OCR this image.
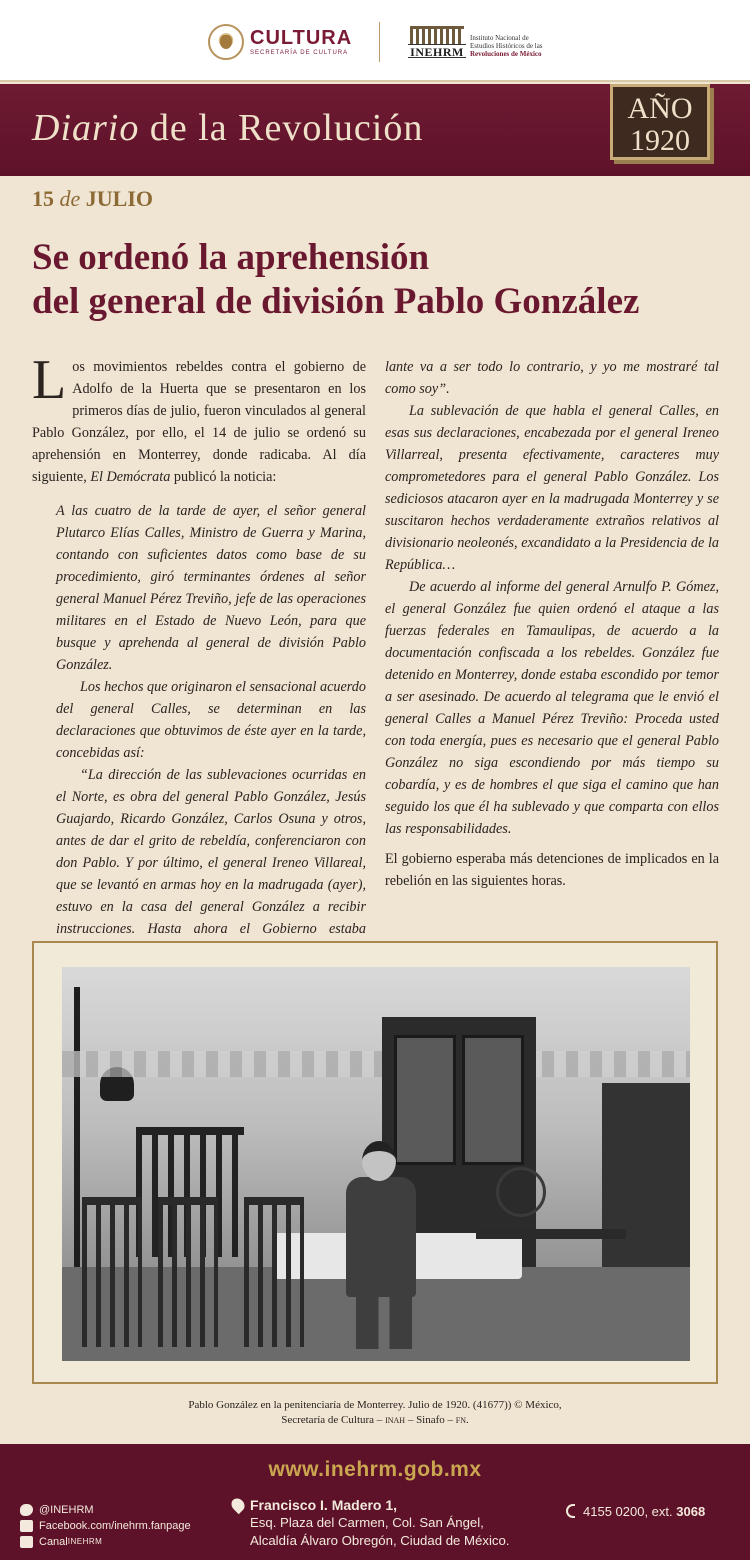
CULTURA
SECRETARÍA DE CULTURA	INEHRM
Instituto Nacional de
Estudios Históricos de las
Revoluciones de México
Diario de la Revolución	AÑO
1920
15 de JULIO
Se ordenó la aprehensión
del general de división Pablo González

Los movimientos rebeldes contra el gobierno de Adolfo de la Huerta que se presentaron en los primeros días de julio, fueron vinculados al general Pablo González, por ello, el 14 de julio se ordenó su aprehensión en Monterrey, donde radicaba. Al día siguiente, El Demócrata publicó la noticia:

A las cuatro de la tarde de ayer, el señor general Plutarco Elías Calles, Ministro de Guerra y Marina, contando con suficientes datos como base de su procedimiento, giró terminantes órdenes al señor general Manuel Pérez Treviño, jefe de las operaciones militares en el Estado de Nuevo León, para que busque y aprehenda al general de división Pablo González.

Los hechos que originaron el sensacional acuerdo del general Calles, se determinan en las declaraciones que obtuvimos de éste ayer en la tarde, concebidas así:

“La dirección de las sublevaciones ocurridas en el Norte, es obra del general Pablo González, Jesús Guajardo, Ricardo González, Carlos Osuna y otros, antes de dar el grito de rebeldía, conferenciaron con don Pablo. Y por último, el general Ireneo Villareal, que se levantó en armas hoy en la madrugada (ayer), estuvo en la casa del general González a recibir instrucciones. Hasta ahora el Gobierno estaba

lante va a ser todo lo contrario, y yo me mostraré tal como soy”.

La sublevación de que habla el general Calles, en esas sus declaraciones, encabezada por el general Ireneo Villarreal, presenta efectivamente, caracteres muy comprometedores para el general Pablo González. Los sediciosos atacaron ayer en la madrugada Monterrey y se suscitaron hechos verdaderamente extraños relativos al divisionario neoleonés, excandidato a la Presidencia de la República…

De acuerdo al informe del general Arnulfo P. Gómez, el general González fue quien ordenó el ataque a las fuerzas federales en Tamaulipas, de acuerdo a la documentación confiscada a los rebeldes. González fue detenido en Monterrey, donde estaba escondido por temor a ser asesinado. De acuerdo al telegrama que le envió el general Calles a Manuel Pérez Treviño: Proceda usted con toda energía, pues es necesario que el general Pablo González no siga escondiendo por más tiempo su cobardía, y es de hombres el que siga el camino que han seguido los que él ha sublevado y que comparta con ellos las responsabilidades.

El gobierno esperaba más detenciones de implicados en la rebelión en las siguientes horas.

Pablo González en la penitenciaría de Monterrey. Julio de 1920. (41677)) © México,
Secretaría de Cultura – inah – Sinafo – fn.
www.inehrm.gob.mx
@INEHRM
Facebook.com/inehrm.fanpage
Canal INEHRM
Francisco I. Madero 1,
Esq. Plaza del Carmen, Col. San Ángel,
Alcaldía Álvaro Obregón, Ciudad de México.
4155 0200, ext. 3068
